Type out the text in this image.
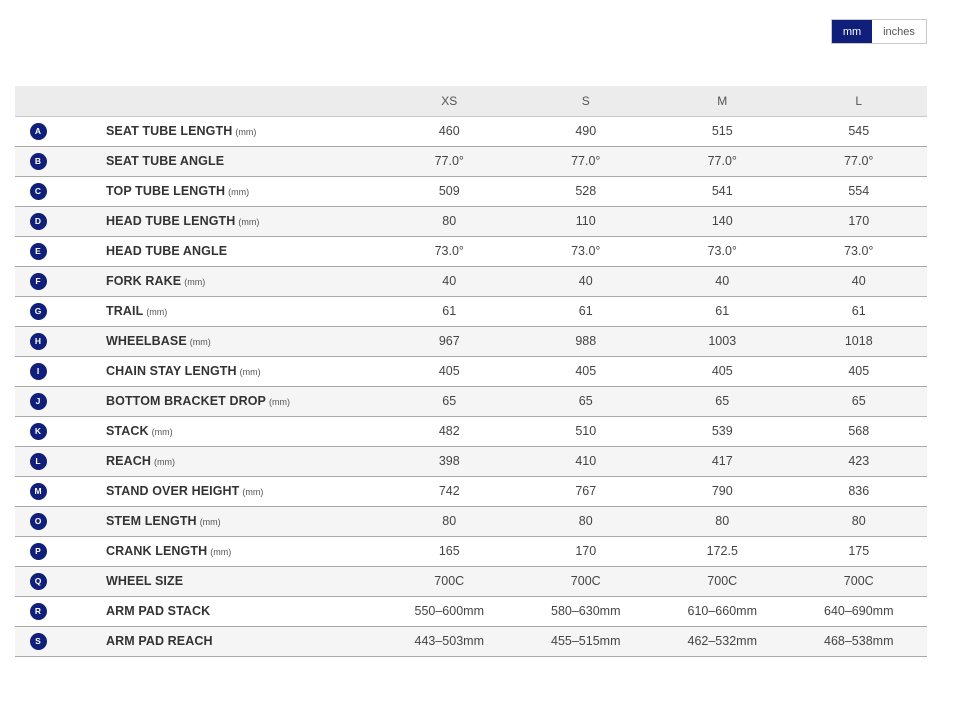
mm	inches
		XS	S	M	L
A	SEAT TUBE LENGTH (mm)	460	490	515	545
B	SEAT TUBE ANGLE	77.0°	77.0°	77.0°	77.0°
C	TOP TUBE LENGTH (mm)	509	528	541	554
D	HEAD TUBE LENGTH (mm)	80	110	140	170
E	HEAD TUBE ANGLE	73.0°	73.0°	73.0°	73.0°
F	FORK RAKE (mm)	40	40	40	40
G	TRAIL (mm)	61	61	61	61
H	WHEELBASE (mm)	967	988	1003	1018
I	CHAIN STAY LENGTH (mm)	405	405	405	405
J	BOTTOM BRACKET DROP (mm)	65	65	65	65
K	STACK (mm)	482	510	539	568
L	REACH (mm)	398	410	417	423
M	STAND OVER HEIGHT (mm)	742	767	790	836
O	STEM LENGTH (mm)	80	80	80	80
P	CRANK LENGTH (mm)	165	170	172.5	175
Q	WHEEL SIZE	700C	700C	700C	700C
R	ARM PAD STACK	550–600mm	580–630mm	610–660mm	640–690mm
S	ARM PAD REACH	443–503mm	455–515mm	462–532mm	468–538mm
